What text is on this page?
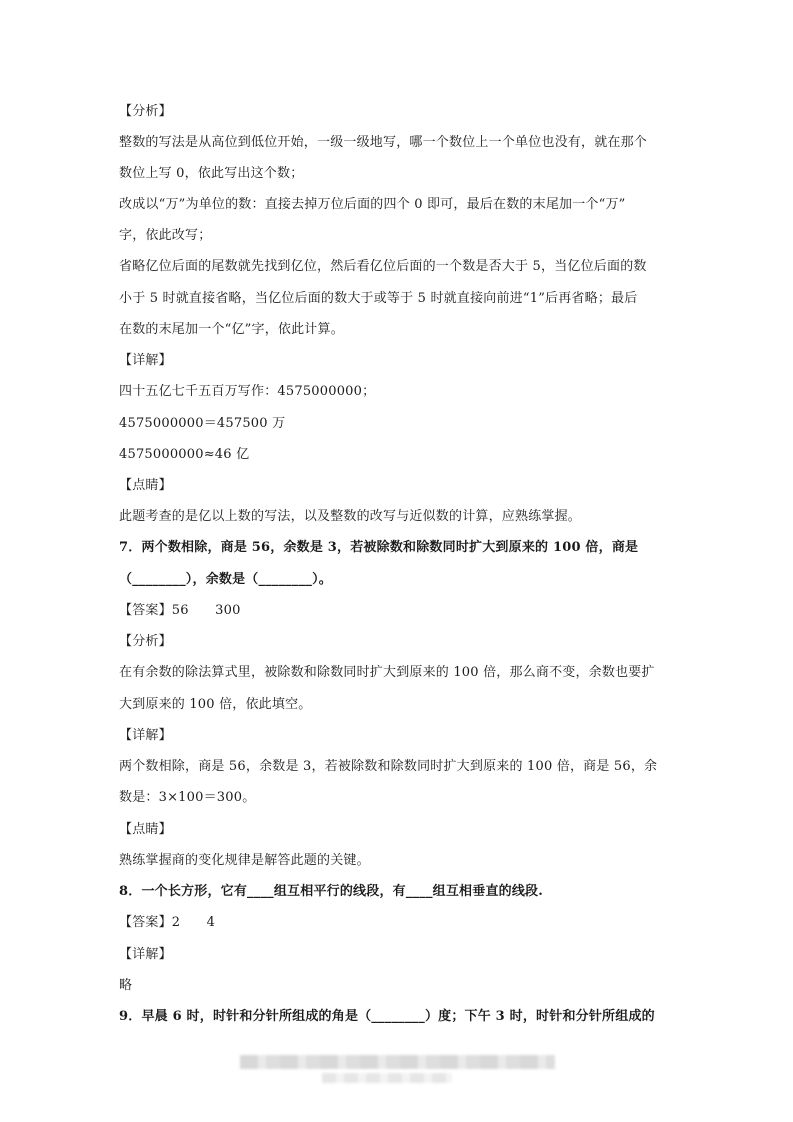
【分析】
整数的写法是从高位到低位开始，一级一级地写，哪一个数位上一个单位也没有，就在那个
数位上写 0，依此写出这个数；
改成以“万”为单位的数：直接去掉万位后面的四个 0 即可，最后在数的末尾加一个“万”
字，依此改写；
省略亿位后面的尾数就先找到亿位，然后看亿位后面的一个数是否大于 5，当亿位后面的数
小于 5 时就直接省略，当亿位后面的数大于或等于 5 时就直接向前进“1”后再省略；最后
在数的末尾加一个“亿”字，依此计算。
【详解】
四十五亿七千五百万写作：4575000000；
4575000000＝457500 万
4575000000≈46 亿
【点睛】
此题考查的是亿以上数的写法，以及整数的改写与近似数的计算，应熟练掌握。
7．两个数相除，商是 56，余数是 3，若被除数和除数同时扩大到原来的 100 倍，商是
（________），余数是（________）。
【答案】56　　300
【分析】
在有余数的除法算式里，被除数和除数同时扩大到原来的 100 倍，那么商不变，余数也要扩
大到原来的 100 倍，依此填空。
【详解】
两个数相除，商是 56，余数是 3，若被除数和除数同时扩大到原来的 100 倍，商是 56，余
数是：3×100＝300。
【点睛】
熟练掌握商的变化规律是解答此题的关键。
8．一个长方形，它有____组互相平行的线段，有____组互相垂直的线段.
【答案】2　　4
【详解】
略
9．早晨 6 时，时针和分针所组成的角是（________）度；下午 3 时，时针和分针所组成的
